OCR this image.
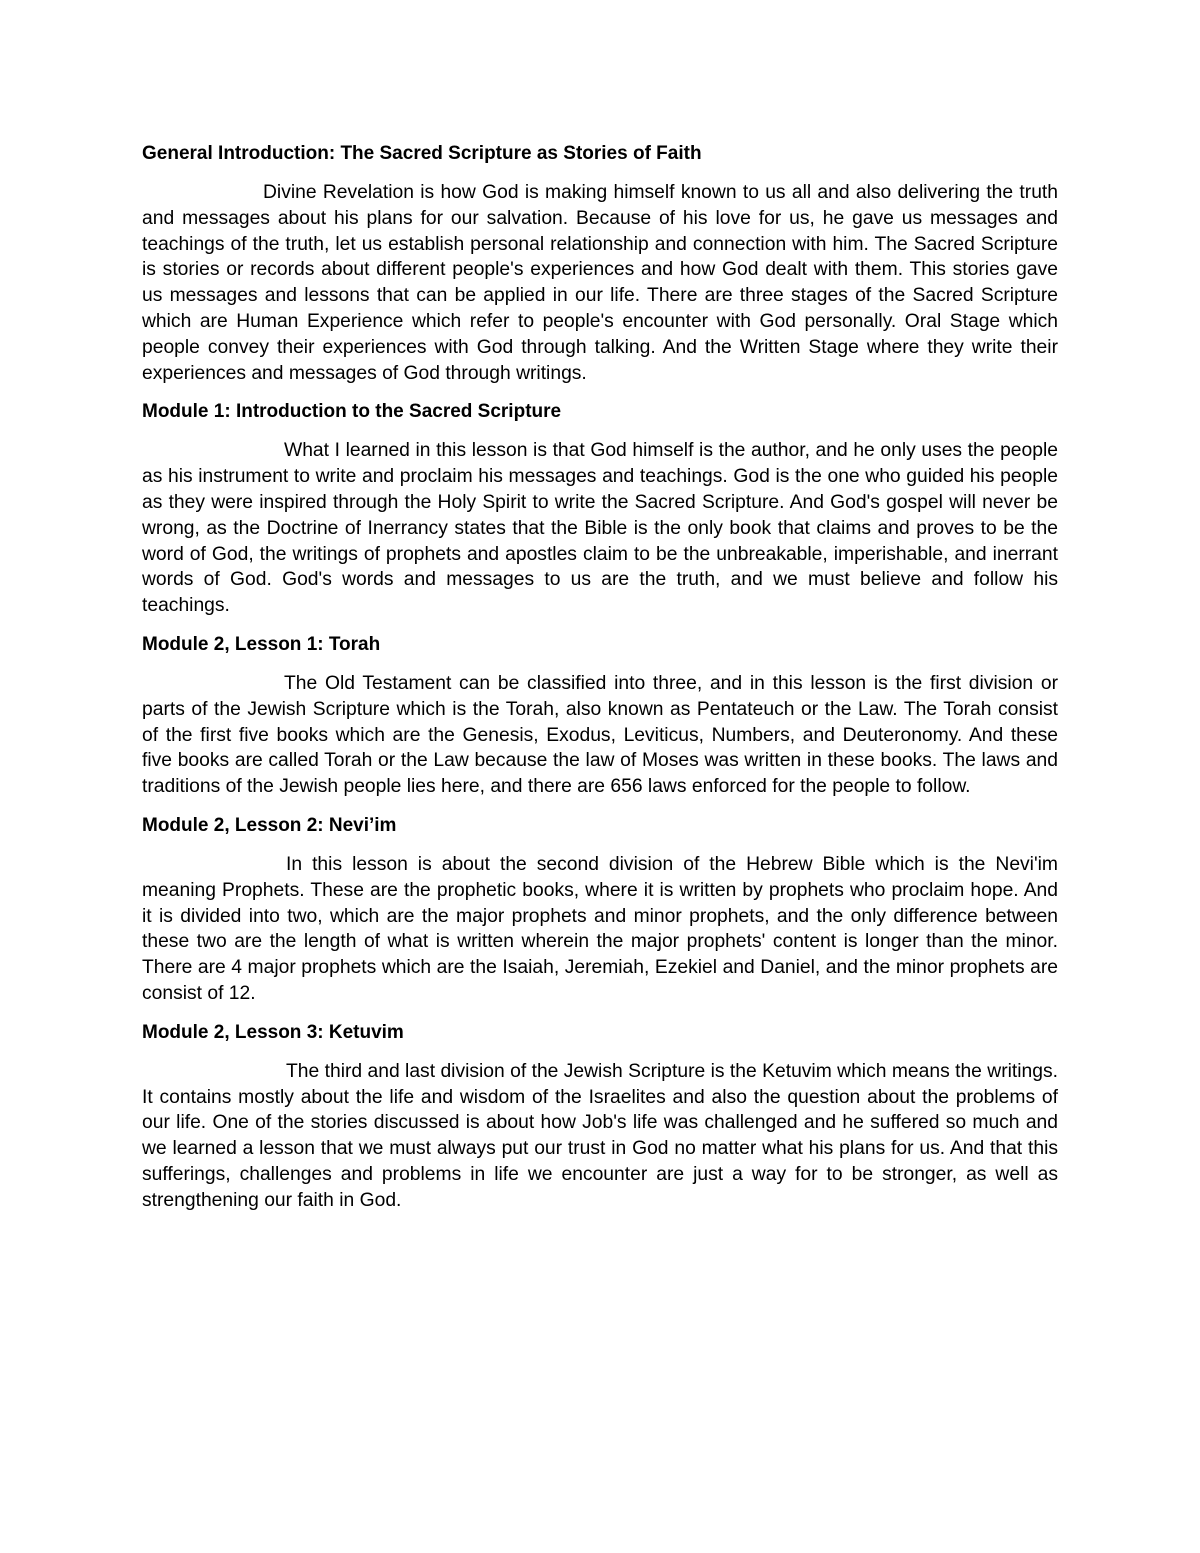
General Introduction: The Sacred Scripture as Stories of Faith

Divine Revelation is how God is making himself known to us all and also delivering the truth and messages about his plans for our salvation. Because of his love for us, he gave us messages and teachings of the truth, let us establish personal relationship and connection with him. The Sacred Scripture is stories or records about different people's experiences and how God dealt with them. This stories gave us messages and lessons that can be applied in our life. There are three stages of the Sacred Scripture which are Human Experience which refer to people's encounter with God personally. Oral Stage which people convey their experiences with God through talking. And the Written Stage where they write their experiences and messages of God through writings.

Module 1: Introduction to the Sacred Scripture

What I learned in this lesson is that God himself is the author, and he only uses the people as his instrument to write and proclaim his messages and teachings. God is the one who guided his people as they were inspired through the Holy Spirit to write the Sacred Scripture. And God's gospel will never be wrong, as the Doctrine of Inerrancy states that the Bible is the only book that claims and proves to be the word of God, the writings of prophets and apostles claim to be the unbreakable, imperishable, and inerrant words of God. God's words and messages to us are the truth, and we must believe and follow his teachings.

Module 2, Lesson 1: Torah

The Old Testament can be classified into three, and in this lesson is the first division or parts of the Jewish Scripture which is the Torah, also known as Pentateuch or the Law. The Torah consist of the first five books which are the Genesis, Exodus, Leviticus, Numbers, and Deuteronomy. And these five books are called Torah or the Law because the law of Moses was written in these books. The laws and traditions of the Jewish people lies here, and there are 656 laws enforced for the people to follow.

Module 2, Lesson 2: Nevi’im

In this lesson is about the second division of the Hebrew Bible which is the Nevi'im meaning Prophets. These are the prophetic books, where it is written by prophets who proclaim hope. And it is divided into two, which are the major prophets and minor prophets, and the only difference between these two are the length of what is written wherein the major prophets' content is longer than the minor. There are 4 major prophets which are the Isaiah, Jeremiah, Ezekiel and Daniel, and the minor prophets are consist of 12.

Module 2, Lesson 3: Ketuvim

The third and last division of the Jewish Scripture is the Ketuvim which means the writings. It contains mostly about the life and wisdom of the Israelites and also the question about the problems of our life. One of the stories discussed is about how Job's life was challenged and he suffered so much and we learned a lesson that we must always put our trust in God no matter what his plans for us. And that this sufferings, challenges and problems in life we encounter are just a way for to be stronger, as well as strengthening our faith in God.
